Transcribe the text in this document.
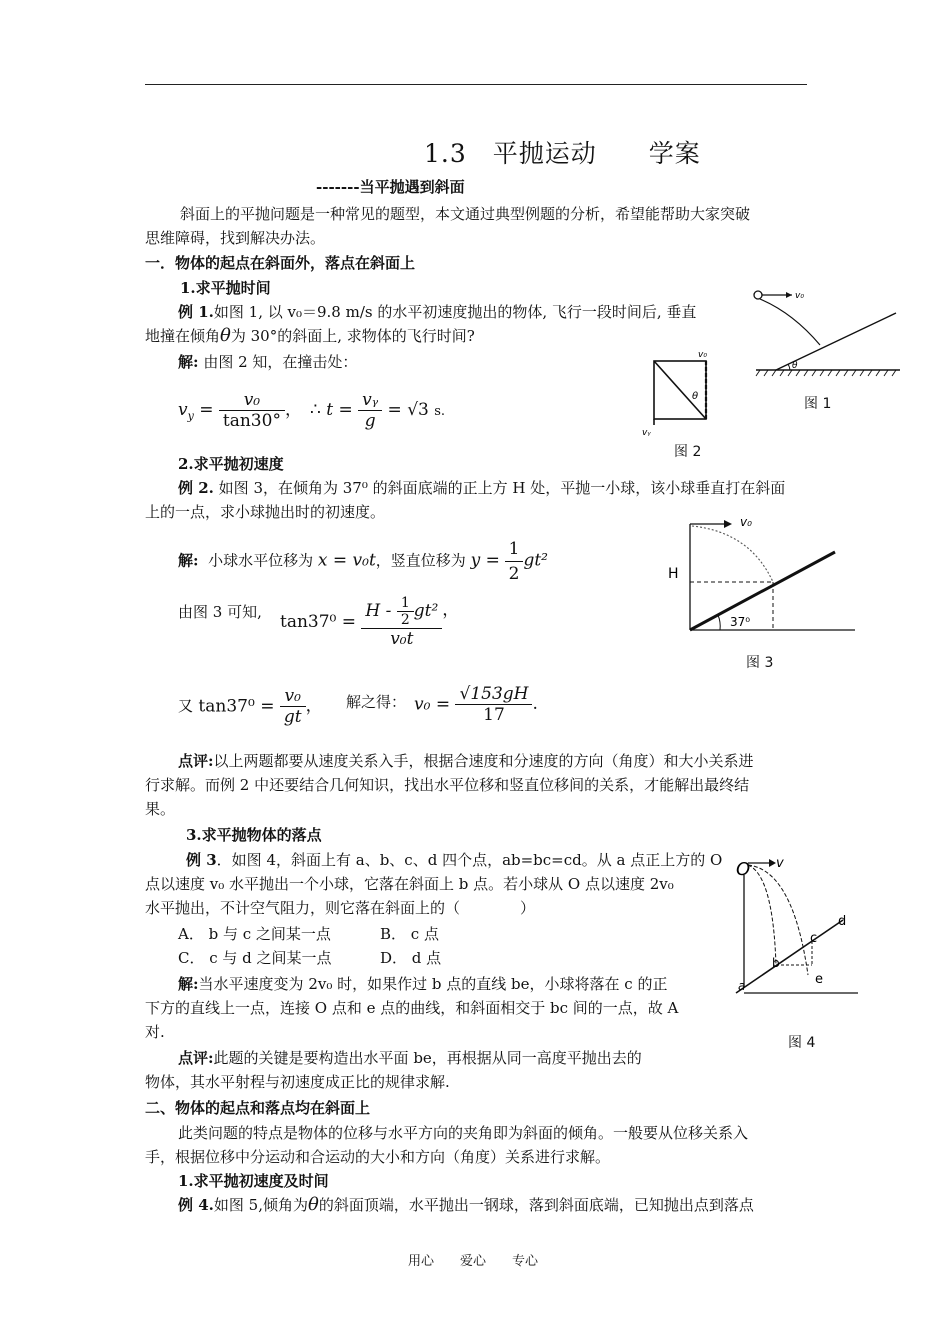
1.3　平抛运动　　学案
-------当平抛遇到斜面
斜面上的平抛问题是一种常见的题型，本文通过典型例题的分析，希望能帮助大家突破
思维障碍，找到解决办法。
一．物体的起点在斜面外，落点在斜面上
1.求平抛时间
例 1.如图 1, 以 v₀＝9.8 m/s 的水平初速度抛出的物体, 飞行一段时间后, 垂直
地撞在倾角θ为 30°的斜面上, 求物体的飞行时间?
解: 由图 2 知，在撞击处：
$v_y = \frac{\text{v₀}}{\tan 30^\circ}$ ， ∴ $t = \frac{\text{vᵧ}}{g} = √3$ s.
v₀
θ
图 1
v₀
θ
vᵧ
图 2
2.求平抛初速度
例 2. 如图 3，在倾角为 37⁰ 的斜面底端的正上方 H 处，平抛一小球，该小球垂直打在斜面
上的一点，求小球抛出时的初速度。
解: 小球水平位移为 x = v₀t，竖直位移为 $y = \frac{1}{2} gt^2$
由图 3 可知, $\tan 37^0 = \frac{H - \frac{1}{2} gt^2}{\text{v₀t}}$ ，
v₀
H
37⁰
图 3
又 $\tan 37^0 = \frac{\text{v₀}}{gt}$ ， 解之得： $v_0 = \frac{√153gH}{17}$ .
点评:以上两题都要从速度关系入手，根据合速度和分速度的方向（角度）和大小关系进
行求解。而例 2 中还要结合几何知识，找出水平位移和竖直位移间的关系，才能解出最终结
果。
3.求平抛物体的落点
例 3．如图 4，斜面上有 a、b、c、d 四个点，ab=bc=cd。从 a 点正上方的 O
点以速度 v₀ 水平抛出一个小球，它落在斜面上 b 点。若小球从 O 点以速度 2v₀
水平抛出，不计空气阻力，则它落在斜面上的（　　　　）
A． b 与 c 之间某一点	B． c 点
C． c 与 d 之间某一点	D． d 点
解:当水平速度变为 2v₀ 时，如果作过 b 点的直线 be，小球将落在 c 的正
下方的直线上一点，连接 O 点和 e 点的曲线，和斜面相交于 bc 间的一点，故 A
对.
点评:此题的关键是要构造出水平面 be，再根据从同一高度平抛出去的
物体，其水平射程与初速度成正比的规律求解.
O v
a
b
c
d
e
图 4
二、物体的起点和落点均在斜面上
此类问题的特点是物体的位移与水平方向的夹角即为斜面的倾角。一般要从位移关系入
手，根据位移中分运动和合运动的大小和方向（角度）关系进行求解。
1.求平抛初速度及时间
例 4.如图 5,倾角为θ的斜面顶端，水平抛出一钢球，落到斜面底端，已知抛出点到落点
用心　　爱心　　专心
